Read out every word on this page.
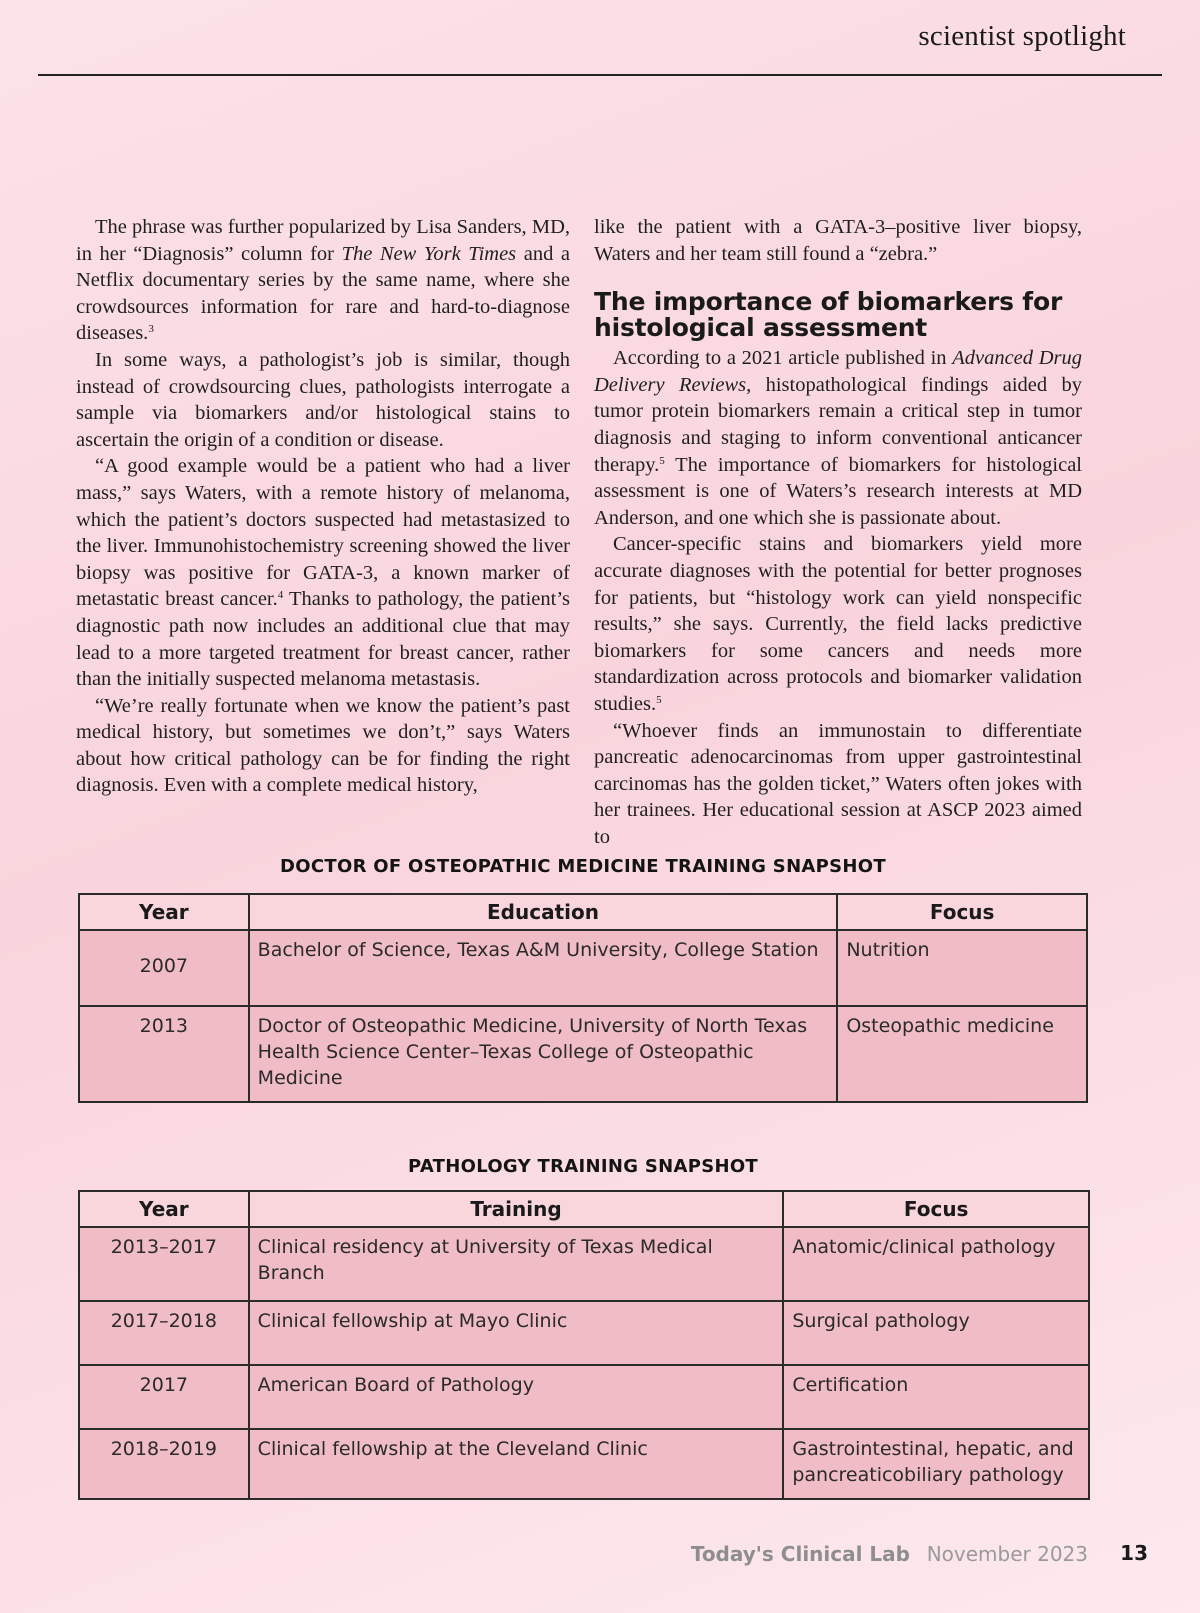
scientist spotlight

The phrase was further popularized by Lisa Sanders, MD, in her “Diagnosis” column for The New York Times and a Netflix documentary series by the same name, where she crowdsources information for rare and hard-to-diagnose diseases.$^3$

In some ways, a pathologist’s job is similar, though instead of crowdsourcing clues, pathologists interrogate a sample via biomarkers and/or histological stains to ascertain the origin of a condition or disease.

“A good example would be a patient who had a liver mass,” says Waters, with a remote history of melanoma, which the patient’s doctors suspected had metastasized to the liver. Immunohistochemistry screening showed the liver biopsy was positive for GATA-3, a known marker of metastatic breast cancer.$^4$ Thanks to pathology, the patient’s diagnostic path now includes an additional clue that may lead to a more targeted treatment for breast cancer, rather than the initially suspected melanoma metastasis.

“We’re really fortunate when we know the patient’s past medical history, but sometimes we don’t,” says Waters about how critical pathology can be for finding the right diagnosis. Even with a complete medical history,

like the patient with a GATA-3–positive liver biopsy, Waters and her team still found a “zebra.”

The importance of biomarkers for histological assessment

According to a 2021 article published in Advanced Drug Delivery Reviews, histopathological findings aided by tumor protein biomarkers remain a critical step in tumor diagnosis and staging to inform conventional anticancer therapy.$^5$ The importance of biomarkers for histological assessment is one of Waters’s research interests at MD Anderson, and one which she is passionate about.

Cancer-specific stains and biomarkers yield more accurate diagnoses with the potential for better prognoses for patients, but “histology work can yield nonspecific results,” she says. Currently, the field lacks predictive biomarkers for some cancers and needs more standardization across protocols and biomarker validation studies.$^5$

“Whoever finds an immunostain to differentiate pancreatic adenocarcinomas from upper gastrointestinal carcinomas has the golden ticket,” Waters often jokes with her trainees. Her educational session at ASCP 2023 aimed to

DOCTOR OF OSTEOPATHIC MEDICINE TRAINING SNAPSHOT
Year	Education	Focus
2007	Bachelor of Science, Texas A&M University, College Station	Nutrition
2013	Doctor of Osteopathic Medicine, University of North Texas Health Science Center–Texas College of Osteopathic Medicine	Osteopathic medicine
PATHOLOGY TRAINING SNAPSHOT
Year	Training	Focus
2013–2017	Clinical residency at University of Texas Medical Branch	Anatomic/clinical pathology
2017–2018	Clinical fellowship at Mayo Clinic	Surgical pathology
2017	American Board of Pathology	Certification
2018–2019	Clinical fellowship at the Cleveland Clinic	Gastrointestinal, hepatic, and pancreaticobiliary pathology
Today's Clinical Lab November 2023 13
